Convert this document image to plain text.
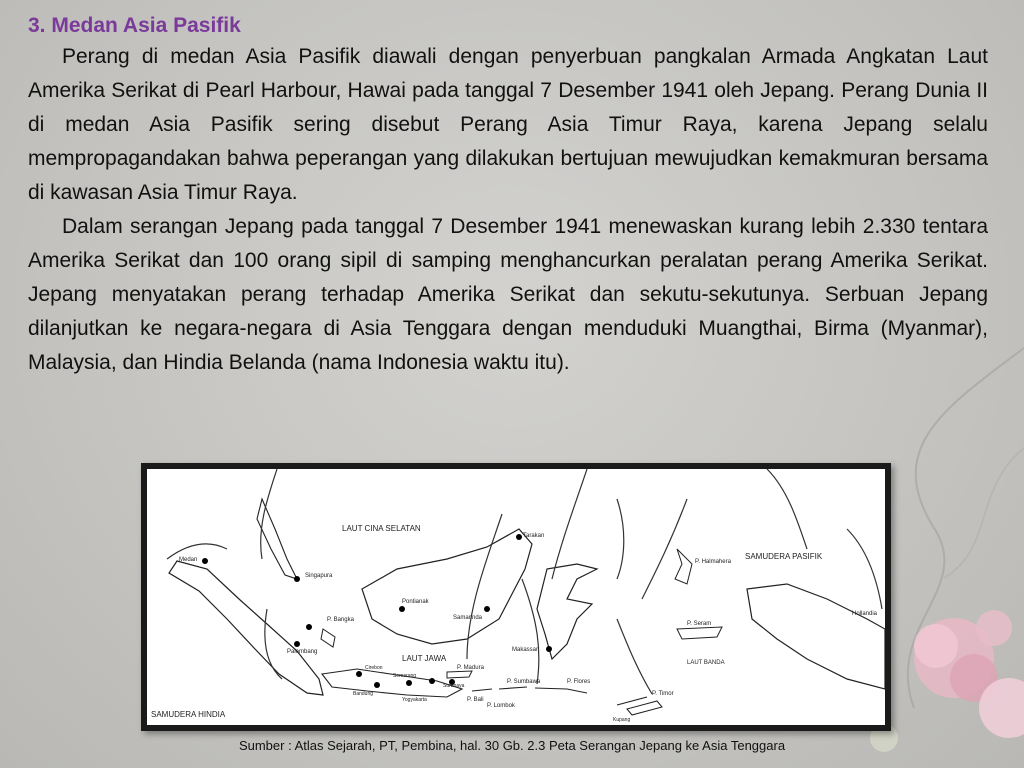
3. Medan Asia Pasifik

Perang di medan Asia Pasifik diawali dengan penyerbuan pangkalan Armada Angkatan Laut Amerika Serikat di Pearl Harbour, Hawai pada tanggal 7 Desember 1941 oleh Jepang. Perang Dunia II di medan Asia Pasifik sering disebut Perang Asia Timur Raya, karena Jepang selalu mempropagandakan bahwa peperangan yang dilakukan bertujuan mewujudkan kemakmuran bersama di kawasan Asia Timur Raya.

Dalam serangan Jepang pada tanggal 7 Desember 1941 menewaskan kurang lebih 2.330 tentara Amerika Serikat dan 100 orang sipil di samping menghancurkan peralatan perang Amerika Serikat. Jepang menyatakan perang terhadap Amerika Serikat dan sekutu-sekutunya. Serbuan Jepang dilanjutkan ke negara-negara di Asia Tenggara dengan menduduki Muangthai, Birma (Myanmar), Malaysia, dan Hindia Belanda (nama Indonesia waktu itu).

LAUT CINA SELATAN
SAMUDERA PASIFIK
SAMUDERA HINDIA
LAUT JAWA	LAUT BANDA
Medan
Singapura
P. Bangka
Palembang
Pontianak
Samarinda
Tarakan
P. Halmahera
Hollandia
P. Seram
Makassar
P. Madura
P. Sumbawa	P. Flores
P. Bali
P. Lombok
P. Timor
Surabaya
Semarang
Cirebon
Bandung
Yogyakarta
Kupang
Sumber : Atlas Sejarah, PT, Pembina, hal. 30 Gb. 2.3 Peta Serangan Jepang ke Asia Tenggara
